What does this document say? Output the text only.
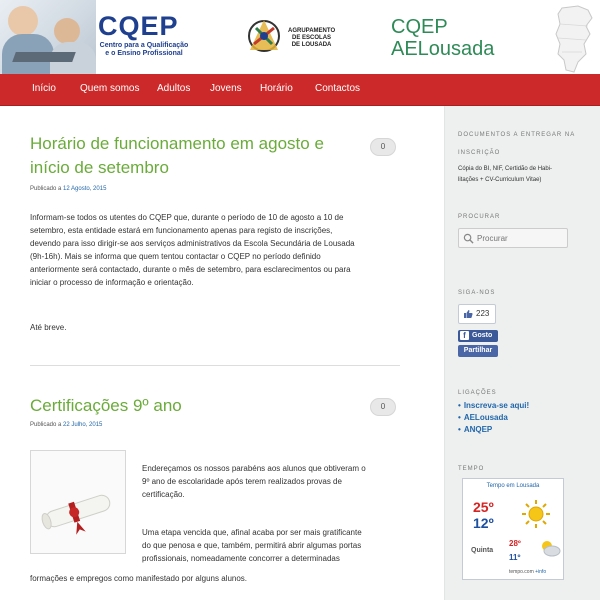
CQEP
Centro para a Qualificação
e o Ensino Profissional
AGRUPAMENTO
DE ESCOLAS
DE LOUSADA
CQEP
AELousada
Início Quem somos Adultos Jovens Horário Contactos
Horário de funcionamento em agosto e
início de setembro
0
Publicado a 12 Agosto, 2015
Informam-se todos os utentes do CQEP que, durante o período de 10 de agosto a 10 de
setembro, esta entidade estará em funcionamento apenas para registo de inscrições,
devendo para isso dirigir-se aos serviços administrativos da Escola Secundária de Lousada
(9h-16h). Mais se informa que quem tentou contactar o CQEP no período definido
anteriormente será contactado, durante o mês de setembro, para esclarecimentos ou para
iniciar o processo de informação e orientação.
Até breve.
Certificações 9º ano	0
Publicado a 22 Julho, 2015
Endereçamos os nossos parabéns aos alunos que obtiveram o
9º ano de escolaridade após terem realizados provas de
certificação.
Uma etapa vencida que, afinal acaba por ser mais gratificante
do que penosa e que, também, permitirá abrir algumas portas
profissionais, nomeadamente concorrer a determinadas
formações e empregos como manifestado por alguns alunos.
DOCUMENTOS A ENTREGAR NA
INSCRIÇÃO
Cópia do BI, NIF, Certidão de Habi-
litações + CV-Curriculum Vitae)
PROCURAR
Procurar
SIGA-NOS
223
f Gosto
Partilhar
LIGAÇÕES
• Inscreva-se aqui!
• AELousada
• ANQEP
TEMPO
Tempo em Lousada
25º
12º
Quinta
28º
11º
tempo.com +info
